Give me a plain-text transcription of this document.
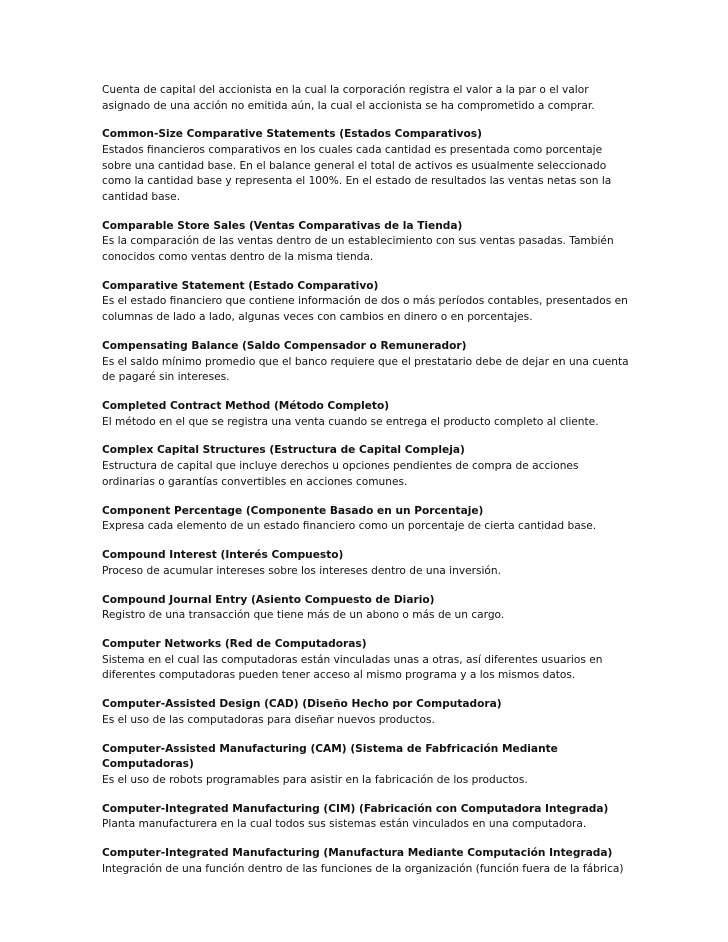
Cuenta de capital del accionista en la cual la corporación registra el valor a la par o el valor asignado de una acción no emitida aún, la cual el accionista se ha comprometido a comprar.

Common-Size Comparative Statements (Estados Comparativos)
Estados financieros comparativos en los cuales cada cantidad es presentada como porcentaje sobre una cantidad base. En el balance general el total de activos es usualmente seleccionado como la cantidad base y representa el 100%. En el estado de resultados las ventas netas son la cantidad base.
Comparable Store Sales (Ventas Comparativas de la Tienda)
Es la comparación de las ventas dentro de un establecimiento con sus ventas pasadas. También conocidos como ventas dentro de la misma tienda.
Comparative Statement (Estado Comparativo)
Es el estado financiero que contiene información de dos o más períodos contables, presentados en columnas de lado a lado, algunas veces con cambios en dinero o en porcentajes.
Compensating Balance (Saldo Compensador o Remunerador)
Es el saldo mínimo promedio que el banco requiere que el prestatario debe de dejar en una cuenta de pagaré sin intereses.
Completed Contract Method (Método Completo)
El método en el que se registra una venta cuando se entrega el producto completo al cliente.
Complex Capital Structures (Estructura de Capital Compleja)
Estructura de capital que incluye derechos u opciones pendientes de compra de acciones ordinarias o garantías convertibles en acciones comunes.
Component Percentage (Componente Basado en un Porcentaje)
Expresa cada elemento de un estado financiero como un porcentaje de cierta cantidad base.
Compound Interest (Interés Compuesto)
Proceso de acumular intereses sobre los intereses dentro de una inversión.
Compound Journal Entry (Asiento Compuesto de Diario)
Registro de una transacción que tiene más de un abono o más de un cargo.
Computer Networks (Red de Computadoras)
Sistema en el cual las computadoras están vinculadas unas a otras, así diferentes usuarios en diferentes computadoras pueden tener acceso al mismo programa y a los mismos datos.
Computer-Assisted Design (CAD) (Diseño Hecho por Computadora)
Es el uso de las computadoras para diseñar nuevos productos.
Computer-Assisted Manufacturing (CAM) (Sistema de Fabfricación Mediante Computadoras)
Es el uso de robots programables para asistir en la fabricación de los productos.
Computer-Integrated Manufacturing (CIM) (Fabricación con Computadora Integrada)
Planta manufacturera en la cual todos sus sistemas están vinculados en una computadora.
Computer-Integrated Manufacturing (Manufactura Mediante Computación Integrada)
Integración de una función dentro de las funciones de la organización (función fuera de la fábrica)
